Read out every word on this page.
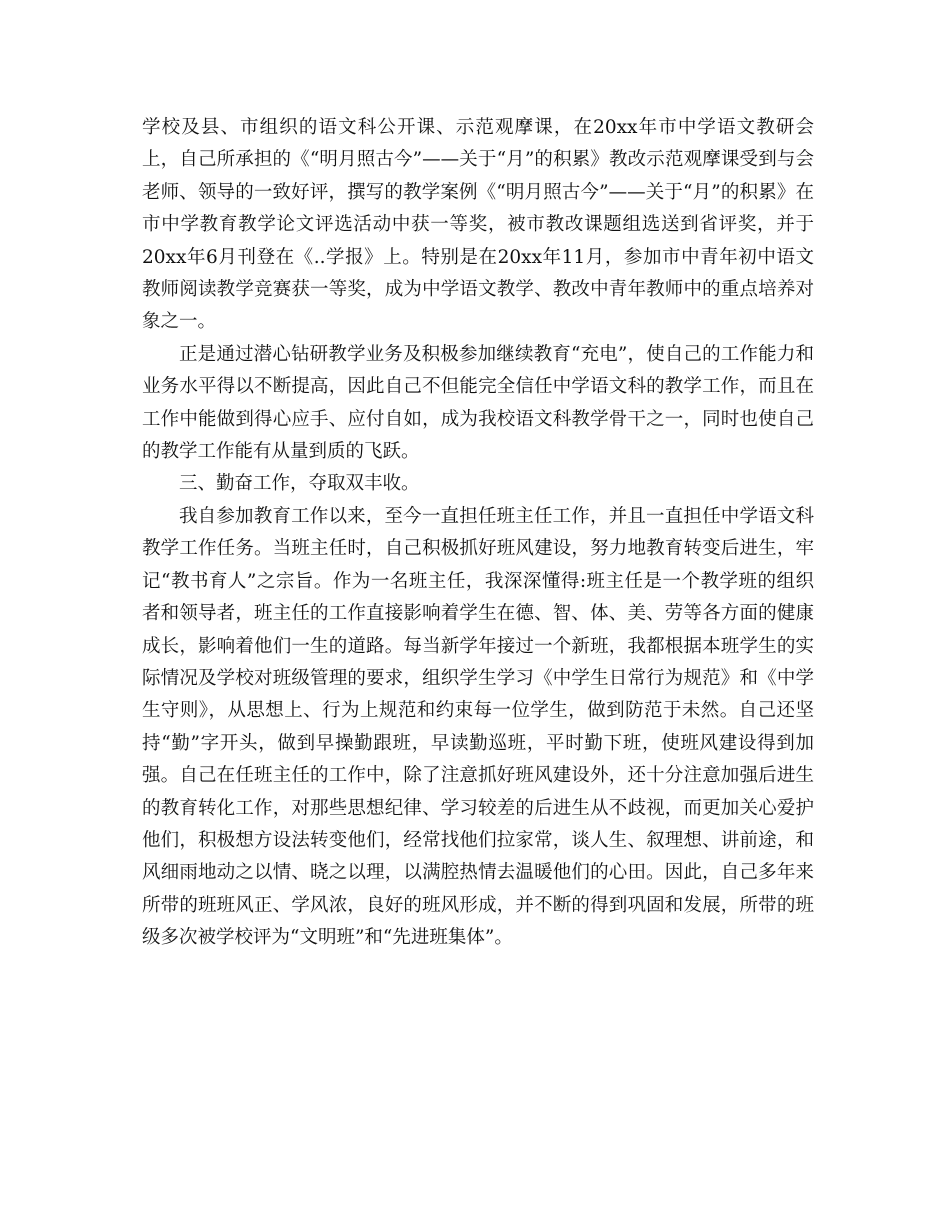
学校及县、市组织的语文科公开课、示范观摩课，在20xx年市中学语文教研会上，自己所承担的《“明月照古今”——关于“月”的积累》教改示范观摩课受到与会老师、领导的一致好评，撰写的教学案例《“明月照古今”——关于“月”的积累》在市中学教育教学论文评选活动中获一等奖，被市教改课题组选送到省评奖，并于20xx年6月刊登在《..学报》上。特别是在20xx年11月，参加市中青年初中语文教师阅读教学竞赛获一等奖，成为中学语文教学、教改中青年教师中的重点培养对象之一。

正是通过潜心钻研教学业务及积极参加继续教育“充电”，使自己的工作能力和业务水平得以不断提高，因此自己不但能完全信任中学语文科的教学工作，而且在工作中能做到得心应手、应付自如，成为我校语文科教学骨干之一，同时也使自己的教学工作能有从量到质的飞跃。

三、勤奋工作，夺取双丰收。

我自参加教育工作以来，至今一直担任班主任工作，并且一直担任中学语文科教学工作任务。当班主任时，自己积极抓好班风建设，努力地教育转变后进生，牢记“教书育人”之宗旨。作为一名班主任，我深深懂得:班主任是一个教学班的组织者和领导者，班主任的工作直接影响着学生在德、智、体、美、劳等各方面的健康成长，影响着他们一生的道路。每当新学年接过一个新班，我都根据本班学生的实际情况及学校对班级管理的要求，组织学生学习《中学生日常行为规范》和《中学生守则》，从思想上、行为上规范和约束每一位学生，做到防范于未然。自己还坚持“勤”字开头，做到早操勤跟班，早读勤巡班，平时勤下班，使班风建设得到加强。自己在任班主任的工作中，除了注意抓好班风建设外，还十分注意加强后进生的教育转化工作，对那些思想纪律、学习较差的后进生从不歧视，而更加关心爱护他们，积极想方设法转变他们，经常找他们拉家常，谈人生、叙理想、讲前途，和风细雨地动之以情、晓之以理，以满腔热情去温暖他们的心田。因此，自己多年来所带的班班风正、学风浓，良好的班风形成，并不断的得到巩固和发展，所带的班级多次被学校评为“文明班”和“先进班集体”。
